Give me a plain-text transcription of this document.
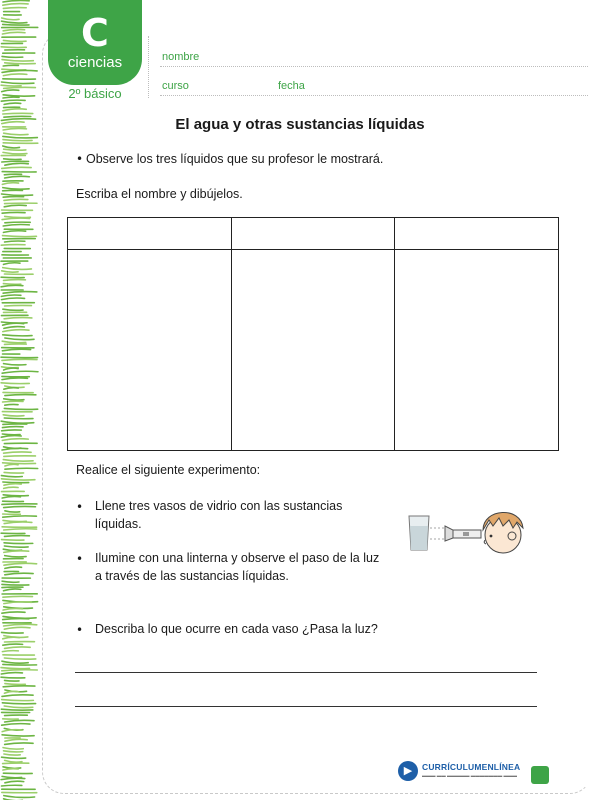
C
ciencias
2º básico
nombre
curso	fecha
El agua y otras sustancias líquidas
• Observe los tres líquidos que su profesor le mostrará.
Escriba el nombre y dibújelos.

Realice el siguiente experimento:
• Llene tres vasos de vidrio con las sustancias
líquidas.
• Ilumine con una linterna y observe el paso de la luz
a través de las sustancias líquidas.
• Describa lo que ocurre en cada vaso ¿Pasa la luz?
▶	CURRÍCULUMENLÍNEA
▬▬▬ ▬▬ ▬▬▬▬▬ ▬▬▬▬▬▬▬ ▬▬▬
